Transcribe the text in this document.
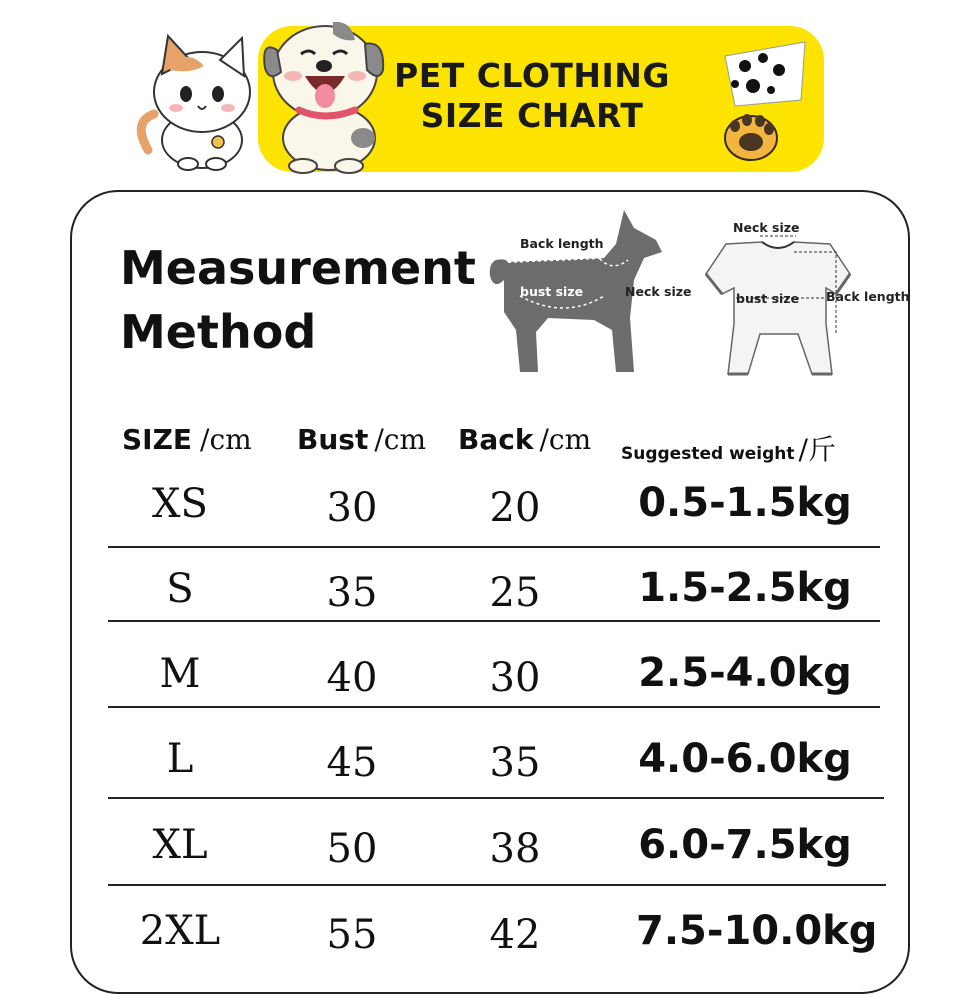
PET CLOTHING
SIZE CHART
Measurement
Method
Back length
bust size	Neck size
Neck size
bust size Back length
SIZE /cm Bust /cm Back /cm Suggested weight /斤
XS	30	20	0.5-1.5kg
S	35	25	1.5-2.5kg
M	40	30	2.5-4.0kg
L	45	35	4.0-6.0kg
XL	50	38	6.0-7.5kg
2XL	55	42	7.5-10.0kg
